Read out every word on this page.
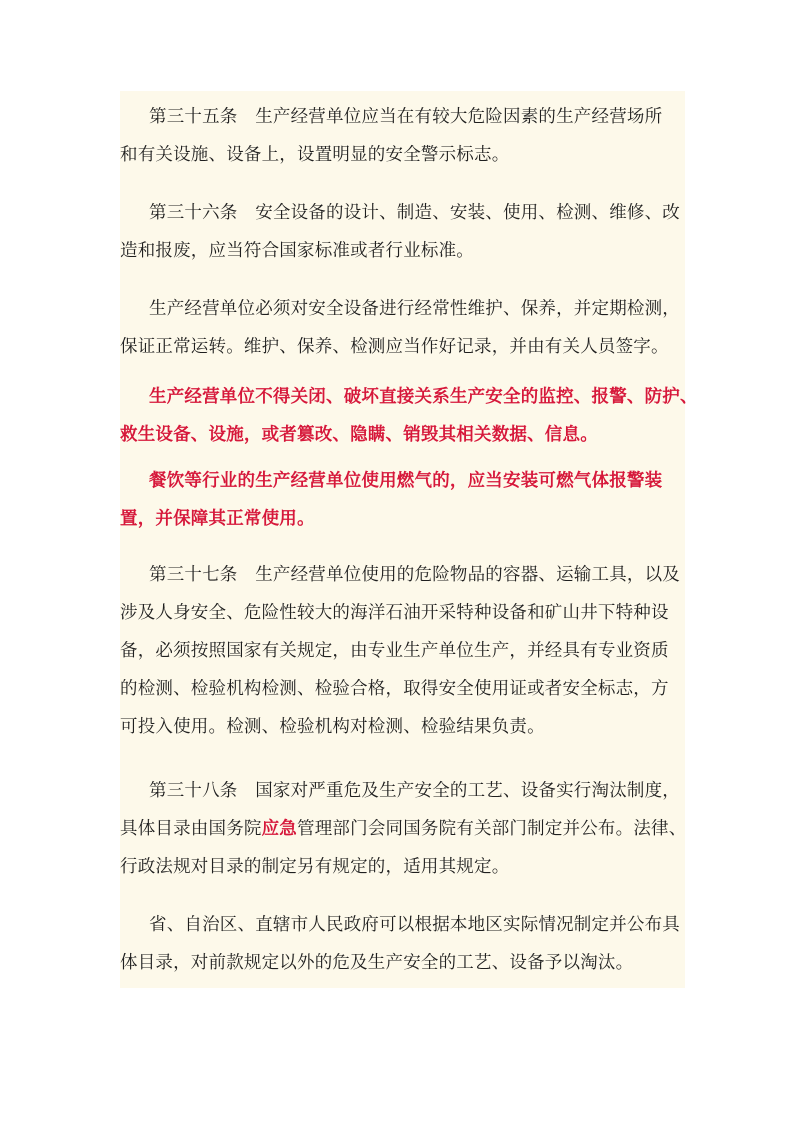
第三十五条　生产经营单位应当在有较大危险因素的生产经营场所
和有关设施、设备上，设置明显的安全警示标志。

第三十六条　安全设备的设计、制造、安装、使用、检测、维修、改
造和报废，应当符合国家标准或者行业标准。

生产经营单位必须对安全设备进行经常性维护、保养，并定期检测，
保证正常运转。维护、保养、检测应当作好记录，并由有关人员签字。

生产经营单位不得关闭、破坏直接关系生产安全的监控、报警、防护、
救生设备、设施，或者篡改、隐瞒、销毁其相关数据、信息。

餐饮等行业的生产经营单位使用燃气的，应当安装可燃气体报警装
置，并保障其正常使用。

第三十七条　生产经营单位使用的危险物品的容器、运输工具，以及
涉及人身安全、危险性较大的海洋石油开采特种设备和矿山井下特种设
备，必须按照国家有关规定，由专业生产单位生产，并经具有专业资质
的检测、检验机构检测、检验合格，取得安全使用证或者安全标志，方
可投入使用。检测、检验机构对检测、检验结果负责。

第三十八条　国家对严重危及生产安全的工艺、设备实行淘汰制度，
具体目录由国务院应急管理部门会同国务院有关部门制定并公布。法律、
行政法规对目录的制定另有规定的，适用其规定。

省、自治区、直辖市人民政府可以根据本地区实际情况制定并公布具
体目录，对前款规定以外的危及生产安全的工艺、设备予以淘汰。
